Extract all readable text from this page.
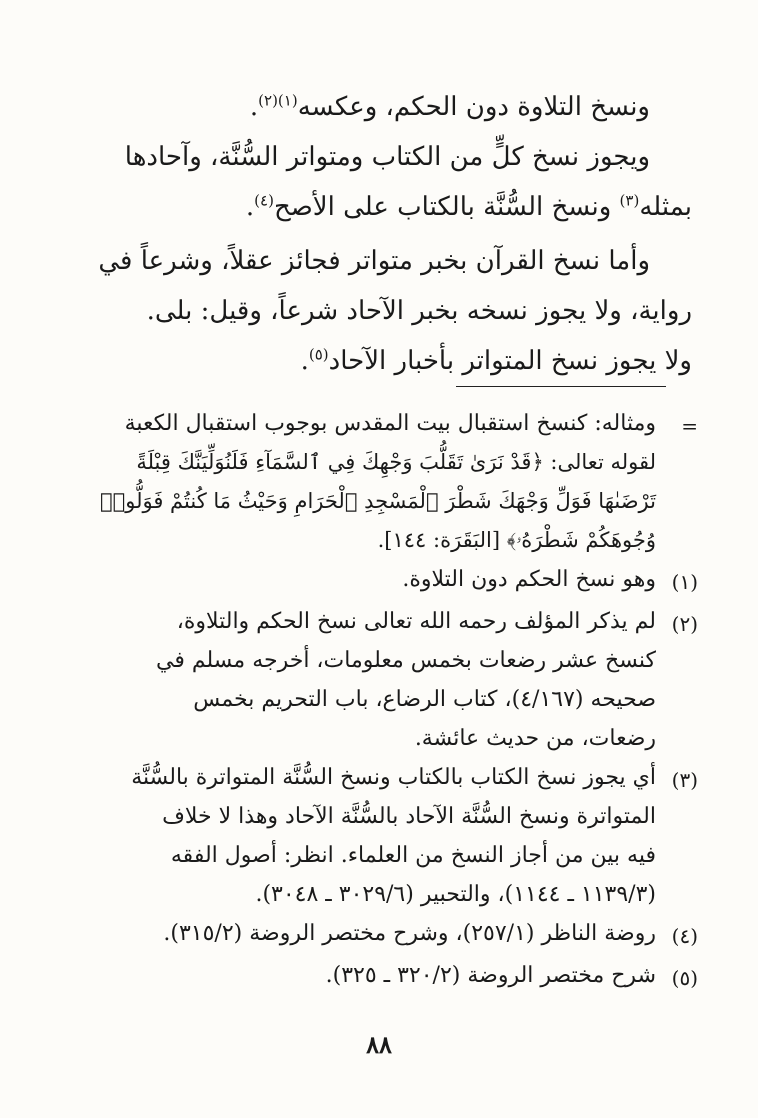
ونسخ التلاوة دون الحكم، وعكسه$^{(١)(٢)}$.
ويجوز نسخ كلٍّ من الكتاب ومتواتر السُّنَّة، وآحادها
بمثله$^{(٣)}$ ونسخ السُّنَّة بالكتاب على الأصح$^{(٤)}$.
وأما نسخ القرآن بخبر متواتر فجائز عقلاً، وشرعاً في
رواية، ولا يجوز نسخه بخبر الآحاد شرعاً، وقيل: بلى.
ولا يجوز نسخ المتواتر بأخبار الآحاد$^{(٥)}$.
=
ومثاله: كنسخ استقبال بيت المقدس بوجوب استقبال الكعبة
لقوله تعالى: ﴿قَدْ نَرَىٰ تَقَلُّبَ وَجْهِكَ فِي ٱلسَّمَآءِ فَلَنُوَلِّيَنَّكَ قِبْلَةً
تَرْضَىٰهَا فَوَلِّ وَجْهَكَ شَطْرَ ٱلْمَسْجِدِ ٱلْحَرَامِ وَحَيْثُ مَا كُنتُمْ فَوَلُّوا۟
وُجُوهَكُمْ شَطْرَهُۥ﴾ [البَقَرَة: ١٤٤].
(١)
وهو نسخ الحكم دون التلاوة.
(٢)
لم يذكر المؤلف رحمه الله تعالى نسخ الحكم والتلاوة،
كنسخ عشر رضعات بخمس معلومات، أخرجه مسلم في
صحيحه (٤/١٦٧)، كتاب الرضاع، باب التحريم بخمس
رضعات، من حديث عائشة.
(٣)
أي يجوز نسخ الكتاب بالكتاب ونسخ السُّنَّة المتواترة بالسُّنَّة
المتواترة ونسخ السُّنَّة الآحاد بالسُّنَّة الآحاد وهذا لا خلاف
فيه بين من أجاز النسخ من العلماء. انظر: أصول الفقه
(١١٣٩/٣ ـ ١١٤٤)، والتحبير (٣٠٢٩/٦ ـ ٣٠٤٨).
(٤)
روضة الناظر (٢٥٧/١)، وشرح مختصر الروضة (٣١٥/٢).
(٥)
شرح مختصر الروضة (٣٢٠/٢ ـ ٣٢٥).
٨٨
